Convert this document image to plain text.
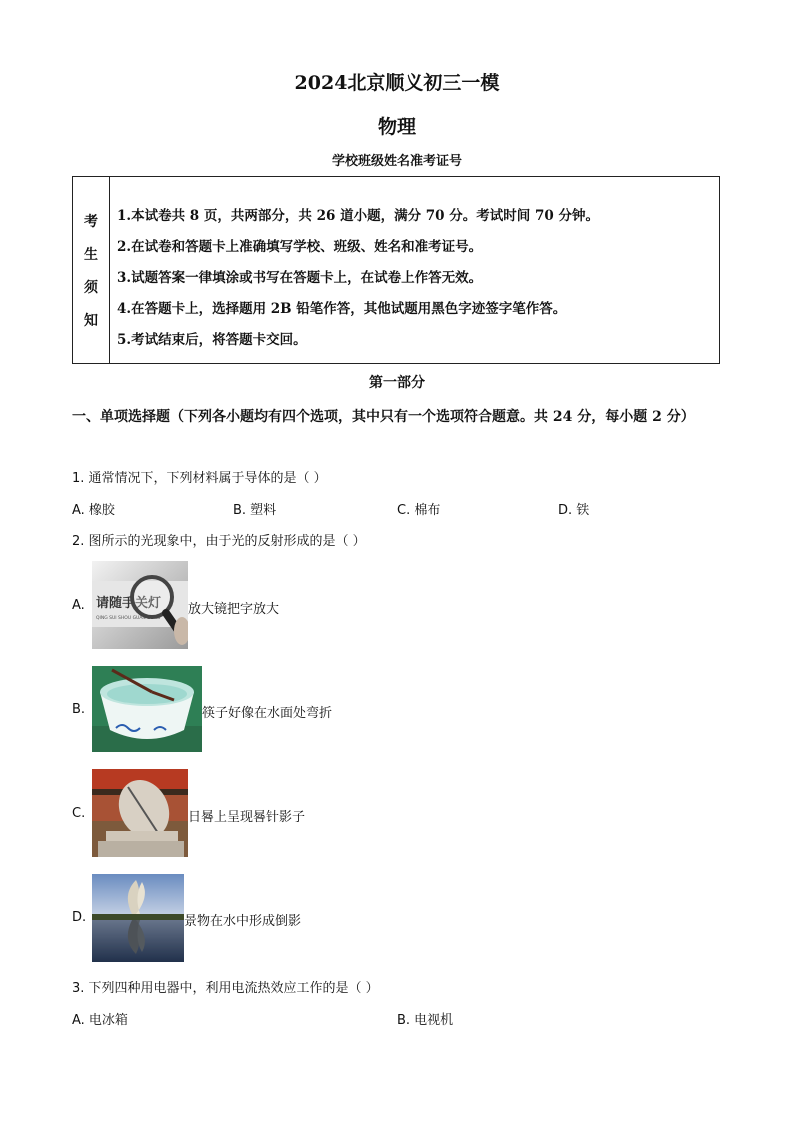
2024北京顺义初三一模
物理
学校班级姓名准考证号
考
生
须
知
1.本试卷共 8 页，共两部分，共 26 道小题，满分 70 分。考试时间 70 分钟。
2.在试卷和答题卡上准确填写学校、班级、姓名和准考证号。
3.试题答案一律填涂或书写在答题卡上，在试卷上作答无效。
4.在答题卡上，选择题用 2B 铅笔作答，其他试题用黑色字迹签字笔作答。
5.考试结束后，将答题卡交回。
第一部分
一、单项选择题（下列各小题均有四个选项，其中只有一个选项符合题意。共 24 分，每小题 2 分）
1. 通常情况下，下列材料属于导体的是（ ）
A. 橡胶	B. 塑料	C. 棉布	D. 铁
2. 图所示的光现象中，由于光的反射形成的是（ ）
A. 请随手关灯
QING SUI SHOU GUAN DENG
放大镜把字放大
B.	筷子好像在水面处弯折
C.	日晷上呈现晷针影子
D.	景物在水中形成倒影
3. 下列四种用电器中，利用电流热效应工作的是（ ）
A. 电冰箱	B. 电视机
